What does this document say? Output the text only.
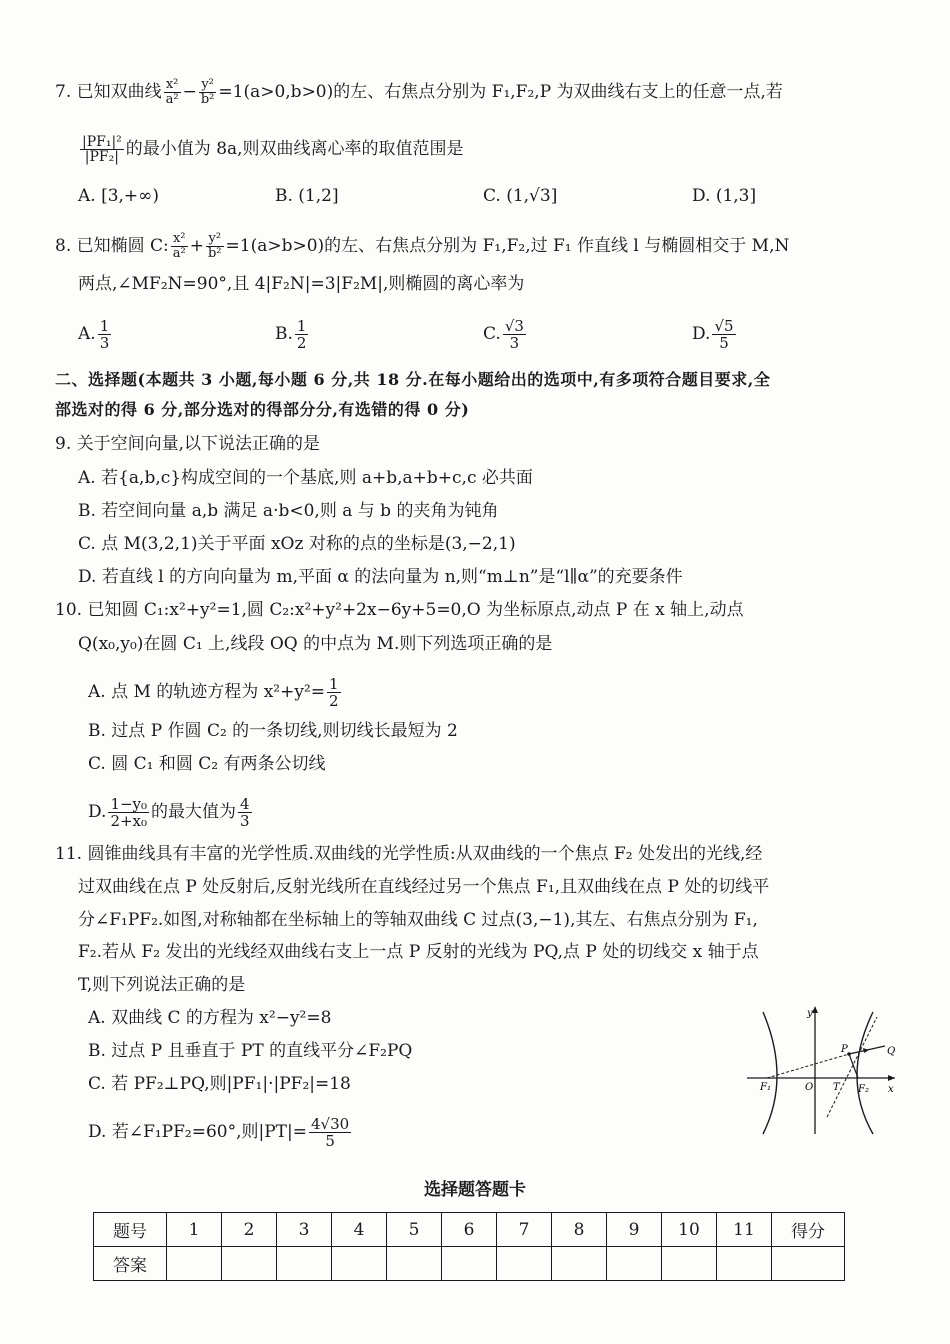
7. 已知双曲线 $\frac{\text{x²}}{\text{a²}} - \frac{\text{y²}}{\text{b²}} =1(a>0,b>0)$的左、右焦点分别为 F₁,F₂,P 为双曲线右支上的任意一点,若
$\frac{\text{|PF₁|²}}{\text{|PF₂|}}$ 的最小值为 8a,则双曲线离心率的取值范围是
A. [3,+∞)	B. (1,2]	C. (1,√3]	D. (1,3]
8. 已知椭圆 C: $\frac{\text{x²}}{\text{a²}} + \frac{\text{y²}}{\text{b²}} =1(a>b>0)$的左、右焦点分别为 F₁,F₂,过 F₁ 作直线 l 与椭圆相交于 M,N
两点,∠MF₂N=90°,且 4|F₂N|=3|F₂M|,则椭圆的离心率为
A. $\frac{1}{3}$	B. $\frac{1}{2}$	C. $\frac{√3}{3}$	D. $\frac{√5}{5}$
二、选择题(本题共 3 小题,每小题 6 分,共 18 分.在每小题给出的选项中,有多项符合题目要求,全
部选对的得 6 分,部分选对的得部分分,有选错的得 0 分)
9. 关于空间向量,以下说法正确的是
A. 若{a,b,c}构成空间的一个基底,则 a+b,a+b+c,c 必共面
B. 若空间向量 a,b 满足 a·b<0,则 a 与 b 的夹角为钝角
C. 点 M(3,2,1)关于平面 xOz 对称的点的坐标是(3,−2,1)
D. 若直线 l 的方向向量为 m,平面 α 的法向量为 n,则“m⊥n”是“l∥α”的充要条件
10. 已知圆 C₁:x²+y²=1,圆 C₂:x²+y²+2x−6y+5=0,O 为坐标原点,动点 P 在 x 轴上,动点
Q(x₀,y₀)在圆 C₁ 上,线段 OQ 的中点为 M.则下列选项正确的是
A. 点 M 的轨迹方程为 $x^2+y^2= \frac{1}{2}$
B. 过点 P 作圆 C₂ 的一条切线,则切线长最短为 2
C. 圆 C₁ 和圆 C₂ 有两条公切线
D. $\frac{\text{1−y₀}}{\text{2+x₀}}$ 的最大值为 $\frac{4}{3}$
11. 圆锥曲线具有丰富的光学性质.双曲线的光学性质:从双曲线的一个焦点 F₂ 处发出的光线,经
过双曲线在点 P 处反射后,反射光线所在直线经过另一个焦点 F₁,且双曲线在点 P 处的切线平
分∠F₁PF₂.如图,对称轴都在坐标轴上的等轴双曲线 C 过点(3,−1),其左、右焦点分别为 F₁,
F₂.若从 F₂ 发出的光线经双曲线右支上一点 P 反射的光线为 PQ,点 P 处的切线交 x 轴于点
T,则下列说法正确的是
A. 双曲线 C 的方程为 x²−y²=8
B. 过点 P 且垂直于 PT 的直线平分∠F₂PQ
C. 若 PF₂⊥PQ,则|PF₁|·|PF₂|=18
D. 若∠F₁PF₂=60°,则$|PT|= \frac{4√30}{5}$
y
x
O
F₁	F₂
T
P	Q
选择题答题卡
题号	1	2	3	4	5	6	7	8	9	10	11	得分
答案												
